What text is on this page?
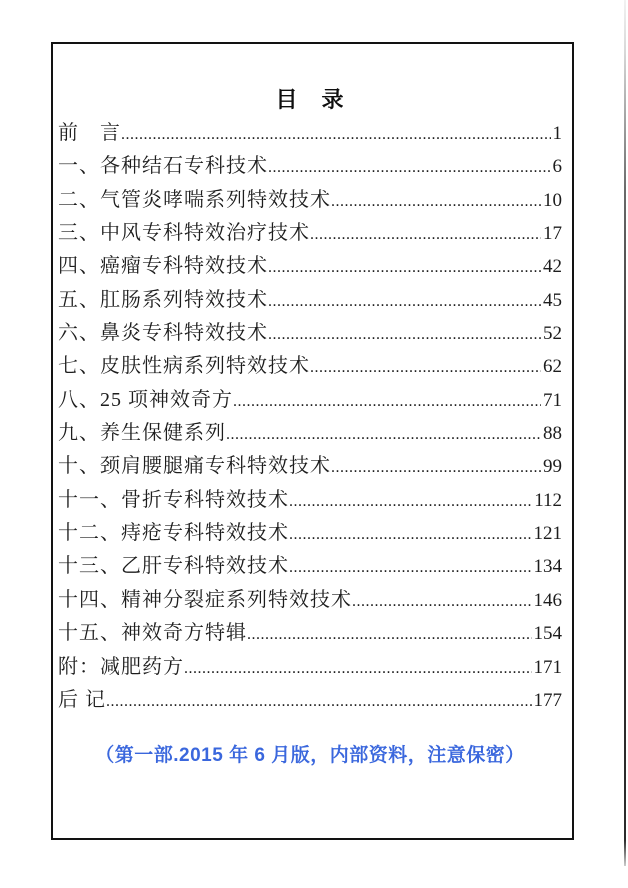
目　录
前　言 .....	1
一、各种结石专科技术 .....	6
二、气管炎哮喘系列特效技术 .....	10
三、中风专科特效治疗技术 .....	17
四、癌瘤专科特效技术 .....	42
五、肛肠系列特效技术 .....	45
六、鼻炎专科特效技术 .....	52
七、皮肤性病系列特效技术 .....	62
八、25 项神效奇方 .....	71
九、养生保健系列 .....	88
十、颈肩腰腿痛专科特效技术 .....	99
十一、骨折专科特效技术 .....	112
十二、痔疮专科特效技术 .....	121
十三、乙肝专科特效技术 .....	134
十四、精神分裂症系列特效技术 .....	146
十五、神效奇方特辑 .....	154
附：减肥药方 .....	171
后 记 .....	177
（第一部.2015 年 6 月版，内部资料，注意保密）
